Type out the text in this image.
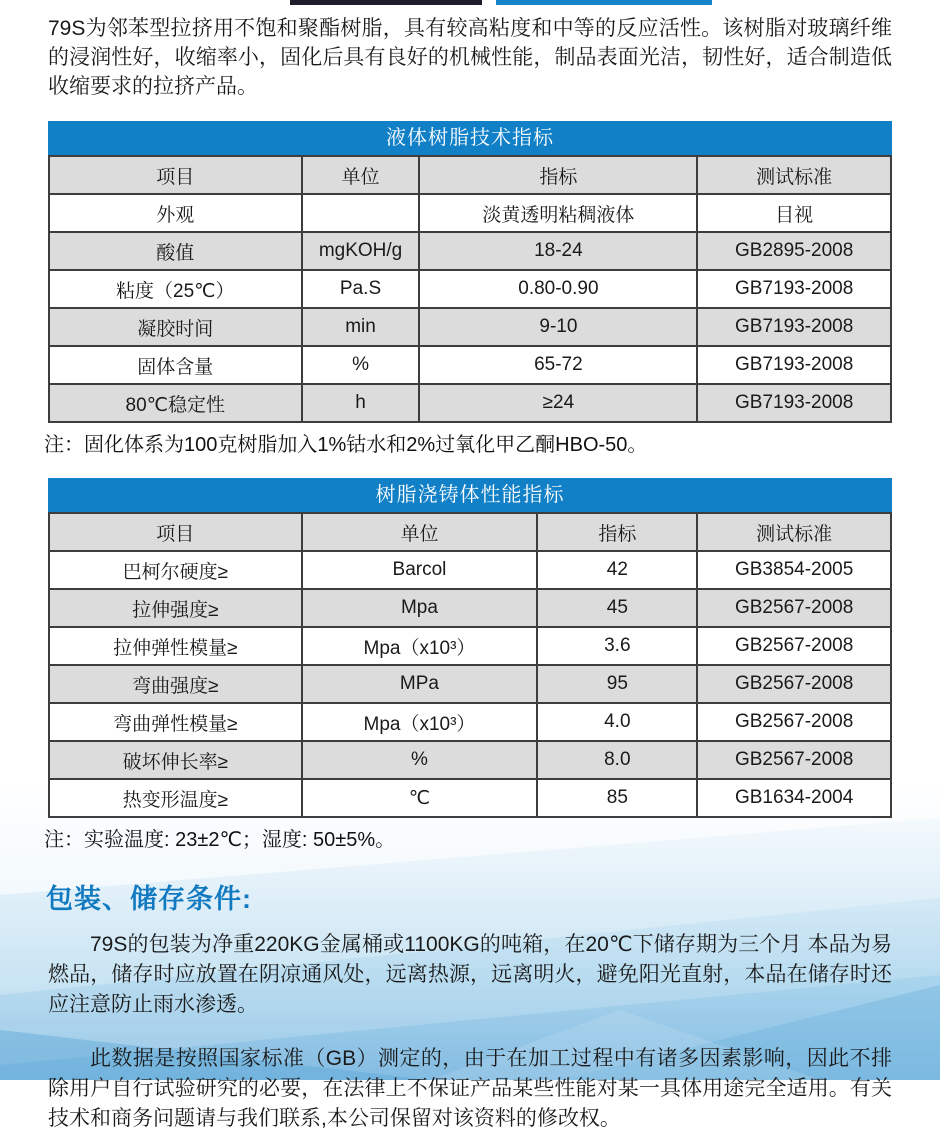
79S为邻苯型拉挤用不饱和聚酯树脂，具有较高粘度和中等的反应活性。该树脂对玻璃纤维的浸润性好，收缩率小，固化后具有良好的机械性能，制品表面光洁，韧性好，适合制造低收缩要求的拉挤产品。

液体树脂技术指标
项目	单位	指标	测试标准
外观		淡黄透明粘稠液体	目视
酸值	mgKOH/g	18-24	GB2895-2008
粘度（25℃）	Pa.S	0.80-0.90	GB7193-2008
凝胶时间	min	9-10	GB7193-2008
固体含量	%	65-72	GB7193-2008
80℃稳定性	h	≥24	GB7193-2008

注：固化体系为100克树脂加入1%钴水和2%过氧化甲乙酮HBO-50。

树脂浇铸体性能指标
项目	单位	指标	测试标准
巴柯尔硬度≥	Barcol	42	GB3854-2005
拉伸强度≥	Mpa	45	GB2567-2008
拉伸弹性模量≥	Mpa（x10³）	3.6	GB2567-2008
弯曲强度≥	MPa	95	GB2567-2008
弯曲弹性模量≥	Mpa（x10³）	4.0	GB2567-2008
破坏伸长率≥	%	8.0	GB2567-2008
热变形温度≥	℃	85	GB1634-2004

注：实验温度: 23±2℃；湿度: 50±5%。

包装、储存条件:

79S的包装为净重220KG金属桶或1100KG的吨箱，在20℃下储存期为三个月 本品为易燃品，储存时应放置在阴凉通风处，远离热源，远离明火，避免阳光直射，本品在储存时还应注意防止雨水渗透。

此数据是按照国家标准（GB）测定的，由于在加工过程中有诸多因素影响，因此不排除用户自行试验研究的必要，在法律上不保证产品某些性能对某一具体用途完全适用。有关技术和商务问题请与我们联系,本公司保留对该资料的修改权。
